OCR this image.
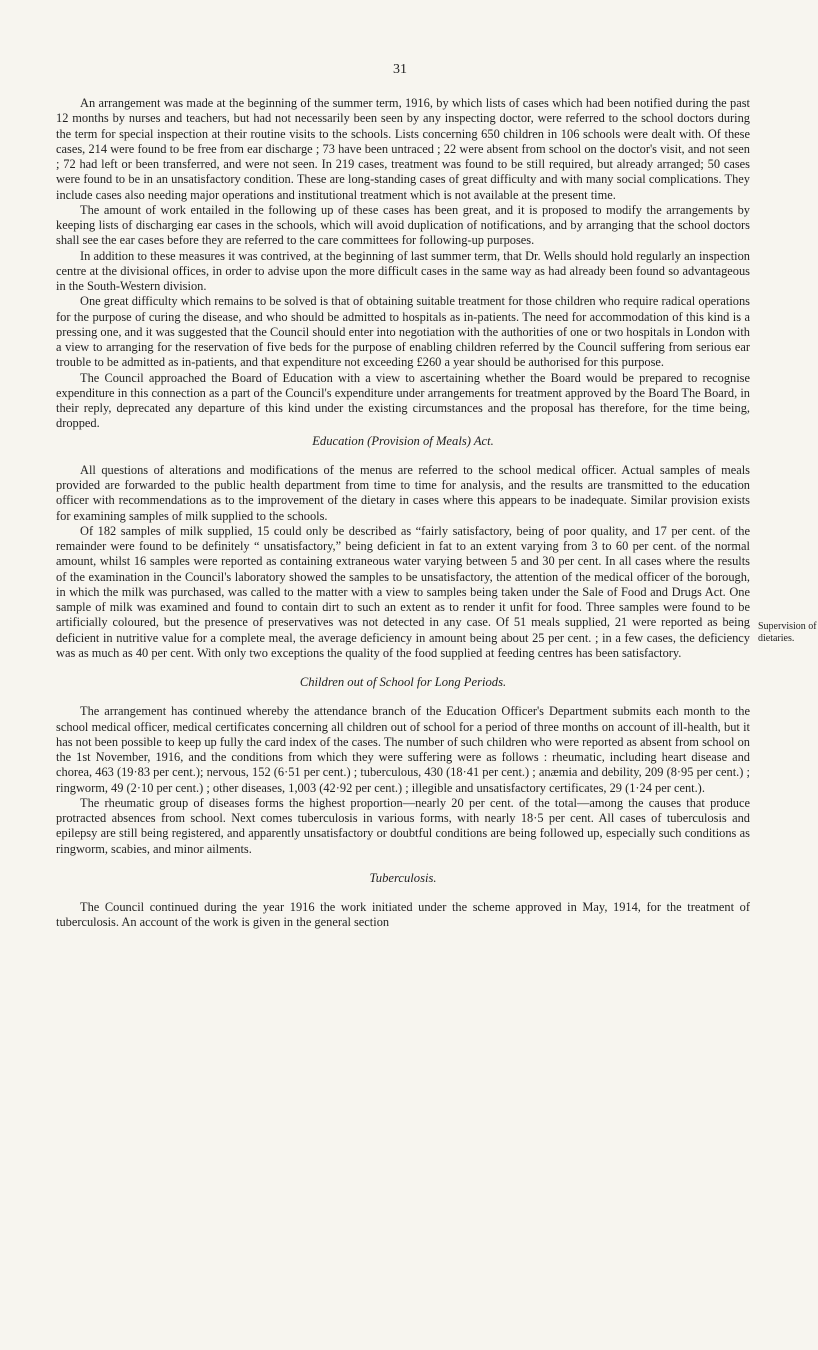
31

An arrangement was made at the beginning of the summer term, 1916, by which lists of cases which had been notified during the past 12 months by nurses and teachers, but had not necessarily been seen by any inspecting doctor, were referred to the school doctors during the term for special inspection at their routine visits to the schools. Lists concerning 650 children in 106 schools were dealt with. Of these cases, 214 were found to be free from ear discharge ; 73 have been untraced ; 22 were absent from school on the doctor's visit, and not seen ; 72 had left or been transferred, and were not seen. In 219 cases, treatment was found to be still required, but already arranged; 50 cases were found to be in an unsatisfactory condition. These are long-standing cases of great difficulty and with many social complications. They include cases also needing major operations and institutional treatment which is not available at the present time.

The amount of work entailed in the following up of these cases has been great, and it is proposed to modify the arrangements by keeping lists of discharging ear cases in the schools, which will avoid duplication of notifications, and by arranging that the school doctors shall see the ear cases before they are referred to the care committees for following-up purposes.

In addition to these measures it was contrived, at the beginning of last summer term, that Dr. Wells should hold regularly an inspection centre at the divisional offices, in order to advise upon the more difficult cases in the same way as had already been found so advantageous in the South-Western division.

One great difficulty which remains to be solved is that of obtaining suitable treatment for those children who require radical operations for the purpose of curing the disease, and who should be admitted to hospitals as in-patients. The need for accommodation of this kind is a pressing one, and it was suggested that the Council should enter into negotiation with the authorities of one or two hospitals in London with a view to arranging for the reservation of five beds for the purpose of enabling children referred by the Council suffering from serious ear trouble to be admitted as in-patients, and that expenditure not exceeding £260 a year should be authorised for this purpose.

The Council approached the Board of Education with a view to ascertaining whether the Board would be prepared to recognise expenditure in this connection as a part of the Council's expenditure under arrangements for treatment approved by the Board The Board, in their reply, deprecated any departure of this kind under the existing circumstances and the proposal has therefore, for the time being, dropped.

Education (Provision of Meals) Act.

All questions of alterations and modifications of the menus are referred to the school medical officer. Actual samples of meals provided are forwarded to the public health department from time to time for analysis, and the results are transmitted to the education officer with recommendations as to the improvement of the dietary in cases where this appears to be inadequate. Similar provision exists for examining samples of milk supplied to the schools.

Of 182 samples of milk supplied, 15 could only be described as “fairly satisfactory, being of poor quality, and 17 per cent. of the remainder were found to be definitely “ unsatisfactory,” being deficient in fat to an extent varying from 3 to 60 per cent. of the normal amount, whilst 16 samples were reported as containing extraneous water varying between 5 and 30 per cent. In all cases where the results of the examination in the Council's laboratory showed the samples to be unsatisfactory, the attention of the medical officer of the borough, in which the milk was purchased, was called to the matter with a view to samples being taken under the Sale of Food and Drugs Act. One sample of milk was examined and found to contain dirt to such an extent as to render it unfit for food. Three samples were found to be artificially coloured, but the presence of preservatives was not detected in any case. Of 51 meals supplied, 21 were reported as being deficient in nutritive value for a complete meal, the average deficiency in amount being about 25 per cent. ; in a few cases, the deficiency was as much as 40 per cent. With only two exceptions the quality of the food supplied at feeding centres has been satisfactory.

Children out of School for Long Periods.

The arrangement has continued whereby the attendance branch of the Education Officer's Department submits each month to the school medical officer, medical certificates concerning all children out of school for a period of three months on account of ill-health, but it has not been possible to keep up fully the card index of the cases. The number of such children who were reported as absent from school on the 1st November, 1916, and the conditions from which they were suffering were as follows : rheumatic, including heart disease and chorea, 463 (19·83 per cent.); nervous, 152 (6·51 per cent.) ; tuberculous, 430 (18·41 per cent.) ; anæmia and debility, 209 (8·95 per cent.) ; ringworm, 49 (2·10 per cent.) ; other diseases, 1,003 (42·92 per cent.) ; illegible and unsatisfactory certificates, 29 (1·24 per cent.).

The rheumatic group of diseases forms the highest proportion—nearly 20 per cent. of the total—among the causes that produce protracted absences from school. Next comes tuberculosis in various forms, with nearly 18·5 per cent. All cases of tuberculosis and epilepsy are still being registered, and apparently unsatisfactory or doubtful conditions are being followed up, especially such conditions as ringworm, scabies, and minor ailments.

Tuberculosis.

The Council continued during the year 1916 the work initiated under the scheme approved in May, 1914, for the treatment of tuberculosis. An account of the work is given in the general section

Supervision of dietaries.
